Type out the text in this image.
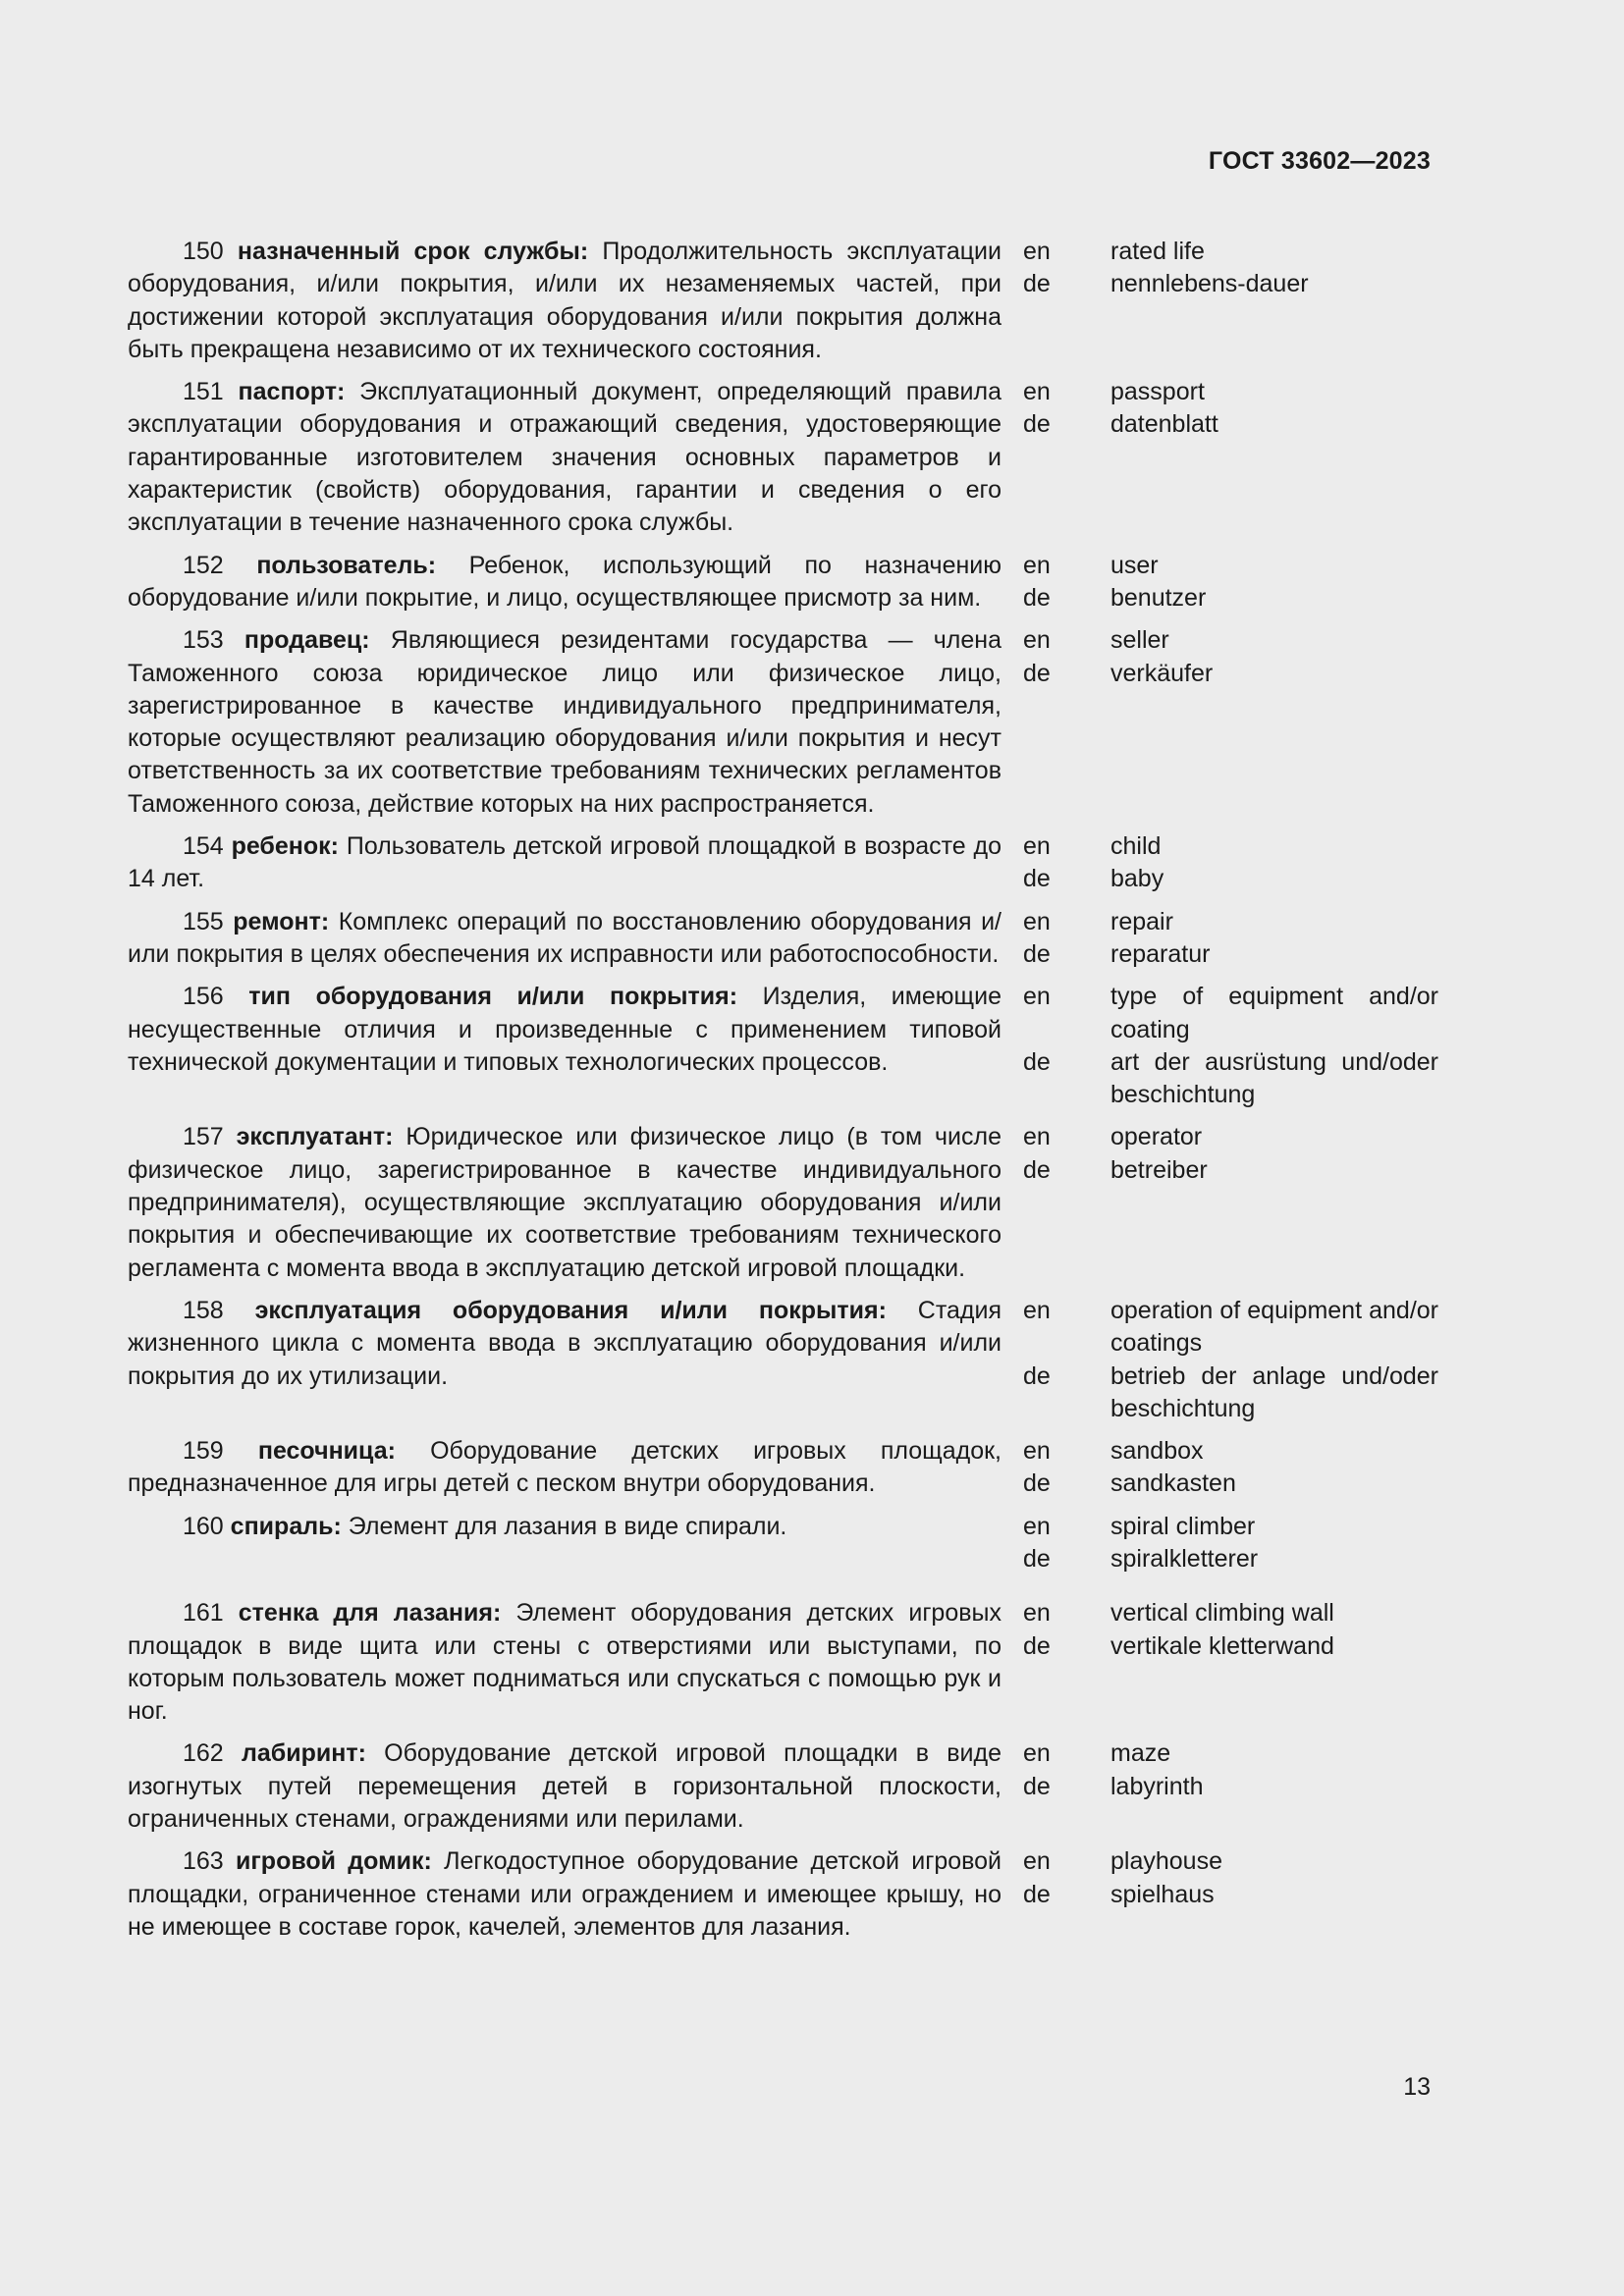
ГОСТ 33602—2023
150 назначенный срок службы: Продолжительность эксплуатации оборудования, и/или покрытия, и/или их незаменяемых частей, при достижении которой эксплуатация оборудования и/или покрытия должна быть прекращена независимо от их технического состояния.
en
de
rated life
nennlebens-dauer
151 паспорт: Эксплуатационный документ, определяющий правила эксплуатации оборудования и отражающий сведения, удостоверяющие гарантированные изготовителем значения основных параметров и характеристик (свойств) оборудования, гарантии и сведения о его эксплуатации в течение назначенного срока службы.
en
de
passport
datenblatt
152 пользователь: Ребенок, использующий по назначению оборудование и/или покрытие, и лицо, осуществляющее присмотр за ним.
en
de
user
benutzer
153 продавец: Являющиеся резидентами государства — члена Таможенного союза юридическое лицо или физическое лицо, зарегистрированное в качестве индивидуального предпринимателя, которые осуществляют реализацию оборудования и/или покрытия и несут ответственность за их соответствие требованиям технических регламентов Таможенного союза, действие которых на них распространяется.
en
de
seller
verkäufer
154 ребенок: Пользователь детской игровой площадкой в возрасте до 14 лет.
en
de
child
baby
155 ремонт: Комплекс операций по восстановлению оборудования и/или покрытия в целях обеспечения их исправности или работоспособности.
en
de
repair
reparatur
156 тип оборудования и/или покрытия: Изделия, имеющие несущественные отличия и произведенные с применением типовой технической документации и типовых технологических процессов.
en
de
type of equipment and/or coating
art der ausrüstung und/oder beschichtung
157 эксплуатант: Юридическое или физическое лицо (в том числе физическое лицо, зарегистрированное в качестве индивидуального предпринимателя), осуществляющие эксплуатацию оборудования и/или покрытия и обеспечивающие их соответствие требованиям технического регламента с момента ввода в эксплуатацию детской игровой площадки.
en
de
operator
betreiber
158 эксплуатация оборудования и/или покрытия: Стадия жизненного цикла с момента ввода в эксплуатацию оборудования и/или покрытия до их утилизации.
en
de
operation of equipment and/or coatings
betrieb der anlage und/oder beschichtung
159 песочница: Оборудование детских игровых площадок, предназначенное для игры детей с песком внутри оборудования.
en
de
sandbox
sandkasten
160 спираль: Элемент для лазания в виде спирали.	en
de
spiral climber
spiralkletterer
161 стенка для лазания: Элемент оборудования детских игровых площадок в виде щита или стены с отверстиями или выступами, по которым пользователь может подниматься или спускаться с помощью рук и ног.
en
de
vertical climbing wall
vertikale kletterwand
162 лабиринт: Оборудование детской игровой площадки в виде изогнутых путей перемещения детей в горизонтальной плоскости, ограниченных стенами, ограждениями или перилами.
en
de
maze
labyrinth
163 игровой домик: Легкодоступное оборудование детской игровой площадки, ограниченное стенами или ограждением и имеющее крышу, но не имеющее в составе горок, качелей, элементов для лазания.
en
de
playhouse
spielhaus
13
